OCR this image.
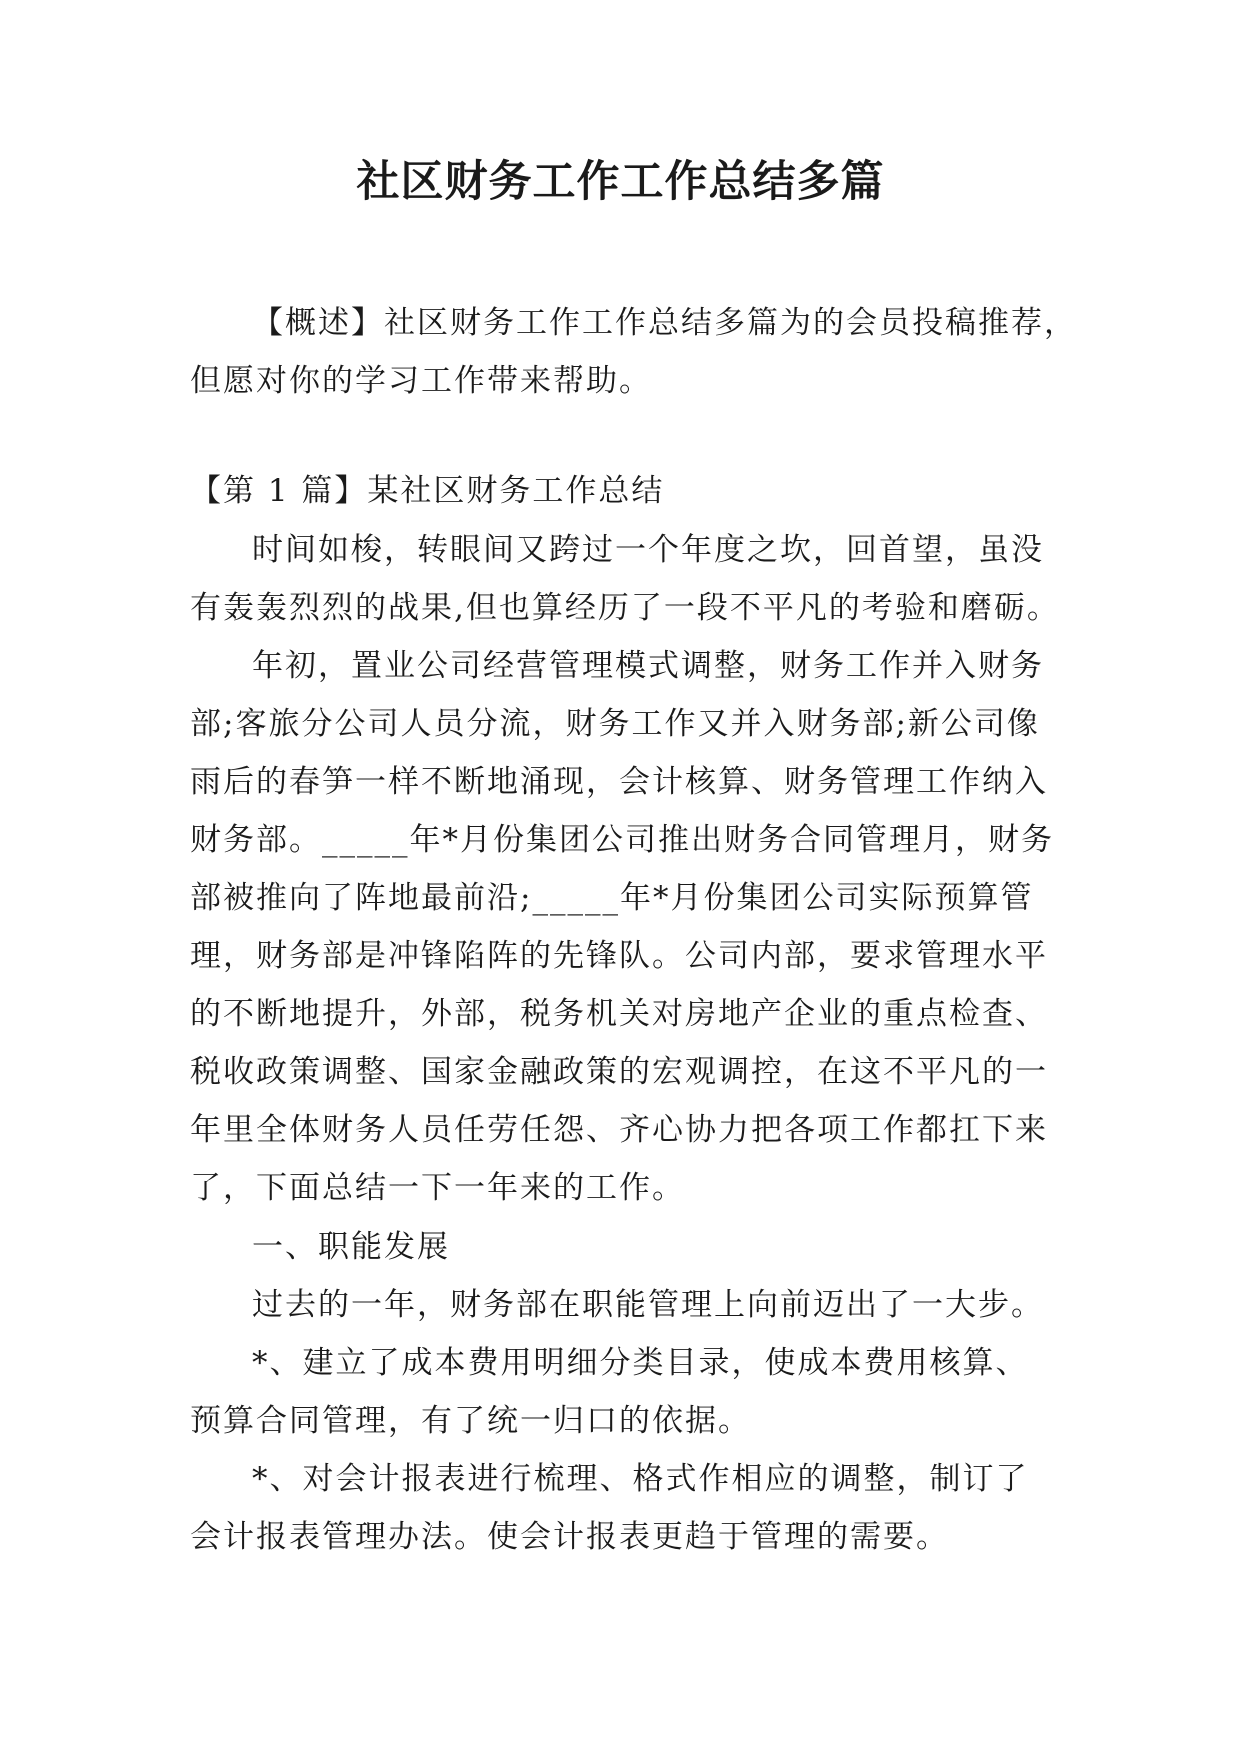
社区财务工作工作总结多篇
【概述】社区财务工作工作总结多篇为的会员投稿推荐，
但愿对你的学习工作带来帮助。
【第 1 篇】某社区财务工作总结
时间如梭，转眼间又跨过一个年度之坎，回首望，虽没
有轰轰烈烈的战果,但也算经历了一段不平凡的考验和磨砺。
年初，置业公司经营管理模式调整，财务工作并入财务
部;客旅分公司人员分流，财务工作又并入财务部;新公司像
雨后的春笋一样不断地涌现，会计核算、财务管理工作纳入
财务部。_____年*月份集团公司推出财务合同管理月，财务
部被推向了阵地最前沿;_____年*月份集团公司实际预算管
理，财务部是冲锋陷阵的先锋队。公司内部，要求管理水平
的不断地提升，外部，税务机关对房地产企业的重点检查、
税收政策调整、国家金融政策的宏观调控，在这不平凡的一
年里全体财务人员任劳任怨、齐心协力把各项工作都扛下来
了，下面总结一下一年来的工作。
一、职能发展
过去的一年，财务部在职能管理上向前迈出了一大步。
*、建立了成本费用明细分类目录，使成本费用核算、
预算合同管理，有了统一归口的依据。
*、对会计报表进行梳理、格式作相应的调整，制订了
会计报表管理办法。使会计报表更趋于管理的需要。
